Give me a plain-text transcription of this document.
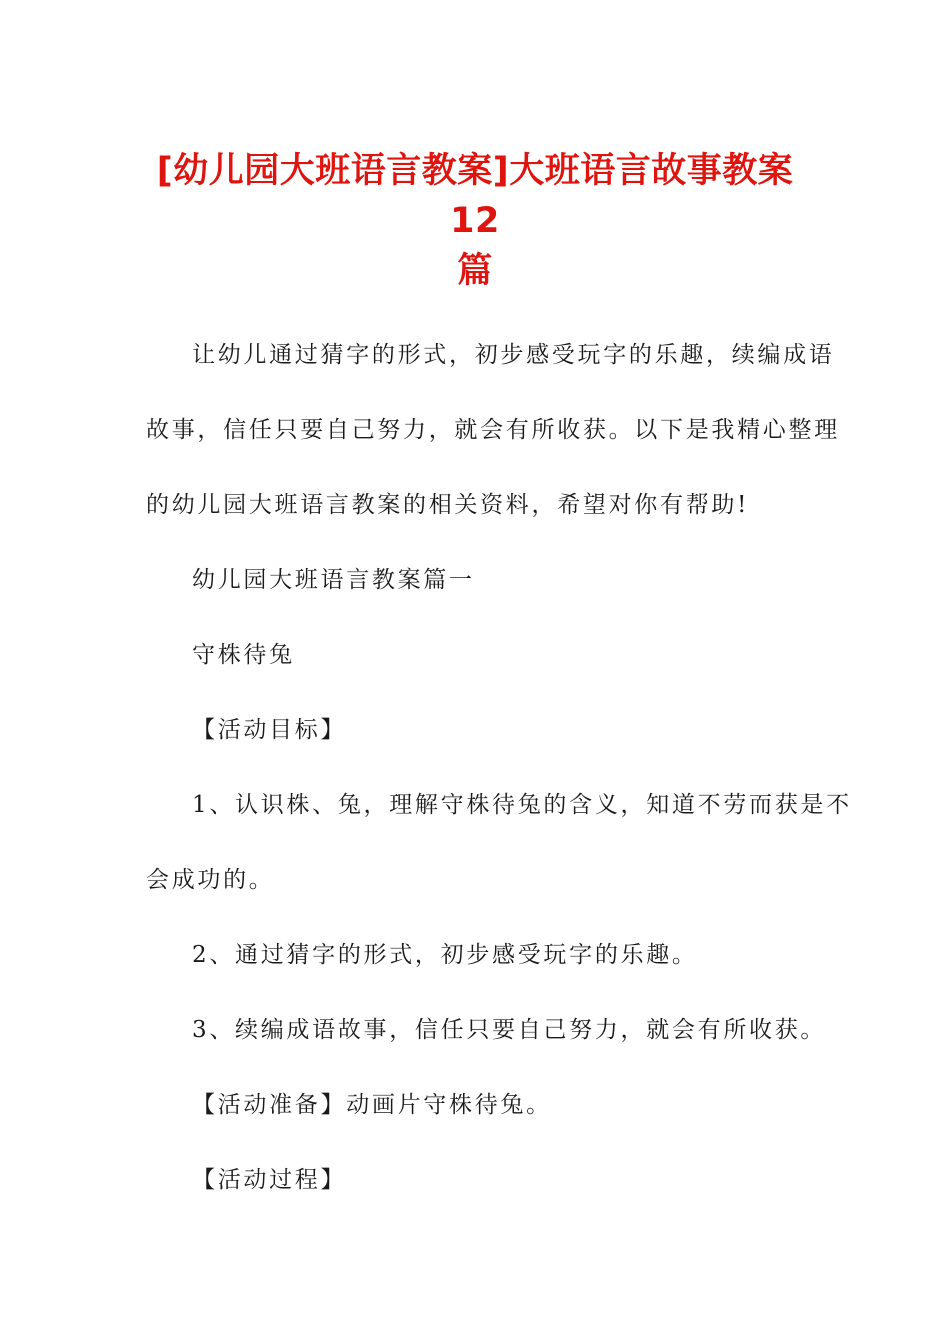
[幼儿园大班语言教案]大班语言故事教案 12
篇

让幼儿通过猜字的形式，初步感受玩字的乐趣，续编成语
故事，信任只要自己努力，就会有所收获。以下是我精心整理
的幼儿园大班语言教案的相关资料，希望对你有帮助!

幼儿园大班语言教案篇一

守株待兔

【活动目标】

1、认识株、兔，理解守株待兔的含义，知道不劳而获是不
会成功的。

2、通过猜字的形式，初步感受玩字的乐趣。

3、续编成语故事，信任只要自己努力，就会有所收获。

【活动准备】动画片守株待兔。

【活动过程】
